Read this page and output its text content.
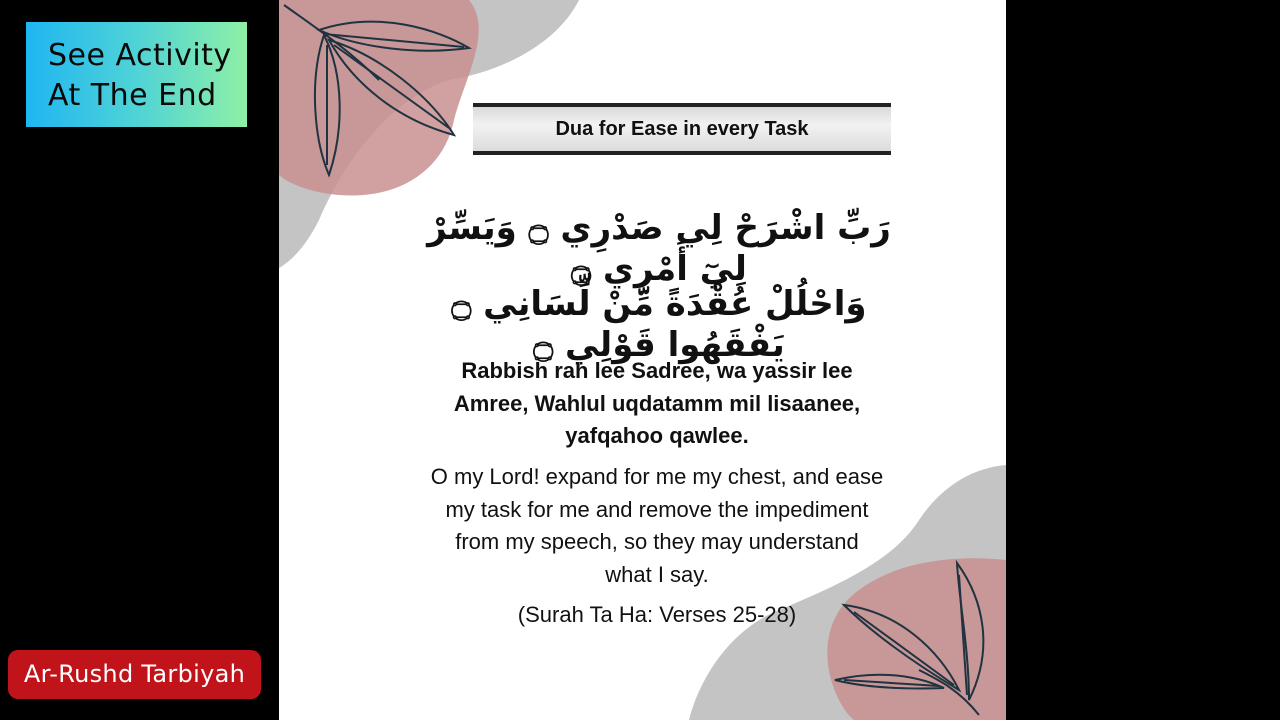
See Activity
At The End
Ar-Rushd Tarbiyah
Dua for Ease in every Task
رَبِّ اشْرَحْ لِي صَدْرِي ۝ وَيَسِّرْ لِيٓ أَمْرِي ۝
وَاحْلُلْ عُقْدَةً مِّنْ لِّسَانِي ۝ يَفْقَهُوا قَوْلِي ۝
Rabbish rah lee Sadree, wa yassir lee
Amree, Wahlul uqdatamm mil lisaanee,
yafqahoo qawlee.
O my Lord! expand for me my chest, and ease
my task for me and remove the impediment
from my speech, so they may understand
what I say.
(Surah Ta Ha: Verses 25-28)
